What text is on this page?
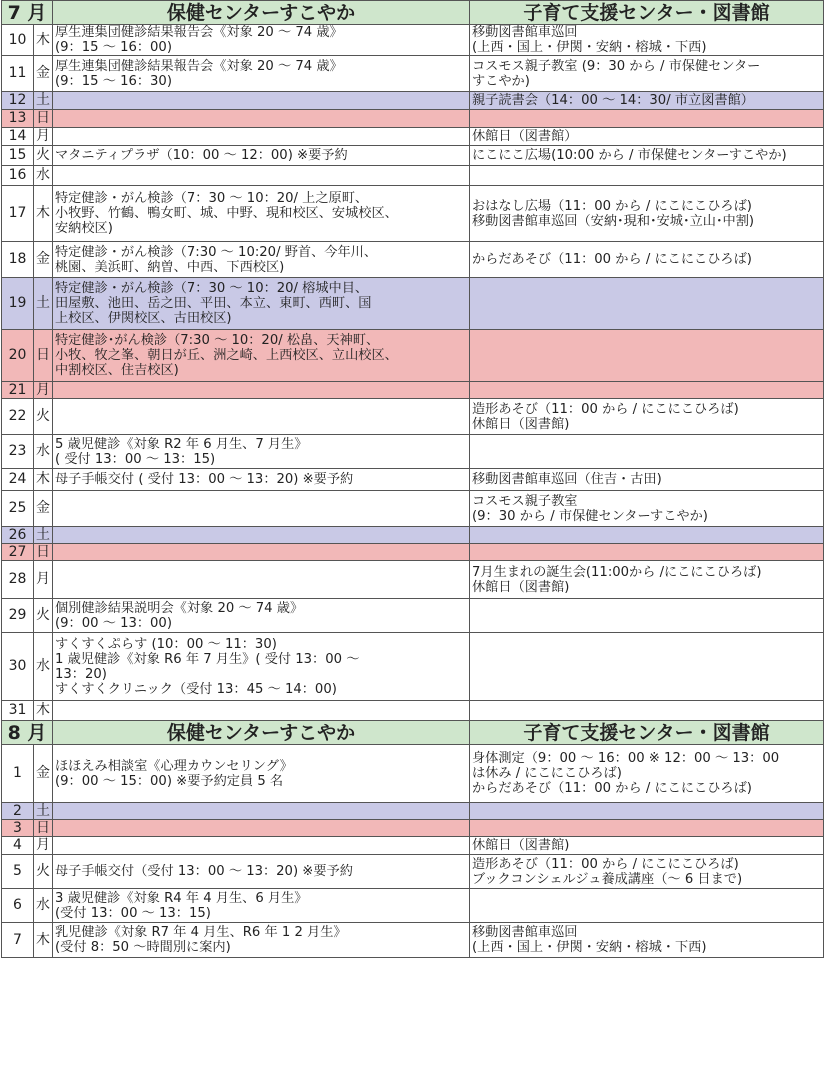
7 月		保健センターすこやか	子育て支援センター・図書館
10	木	厚生連集団健診結果報告会《対象 20 ～ 74 歳》
(9：15 ～ 16：00)	移動図書館車巡回
(上西・国上・伊関・安納・榕城・下西)
11	金	厚生連集団健診結果報告会《対象 20 ～ 74 歳》
(9：15 ～ 16：30)	コスモス親子教室 (9：30 から / 市保健センター
すこやか)
12	土		親子読書会（14：00 ～ 14：30/ 市立図書館）
13	日		
14	月		休館日（図書館）
15	火	マタニティプラザ（10：00 ～ 12：00) ※要予約	にこにこ広場(10:00 から / 市保健センターすこやか)
16	水		
17	木	特定健診・がん検診（7：30 ～ 10：20/ 上之原町、
小牧野、竹鶴、鴨女町、城、中野、現和校区、安城校区、
安納校区)	おはなし広場（11：00 から / にこにこひろば)
移動図書館車巡回（安納･現和･安城･立山･中割)
18	金	特定健診・がん検診（7:30 ～ 10:20/ 野首、今年川、
桃園、美浜町、納曽、中西、下西校区)	からだあそび（11：00 から / にこにこひろば)
19	土	特定健診・がん検診（7：30 ～ 10：20/ 榕城中目、
田屋敷、池田、岳之田、平田、本立、東町、西町、国
上校区、伊関校区、古田校区)	
20	日	特定健診･がん検診（7:30 ～ 10：20/ 松畠、天神町、
小牧、牧之峯、朝日が丘、洲之崎、上西校区、立山校区、
中割校区、住吉校区)	
21	月		
22	火		造形あそび（11：00 から / にこにこひろば)
休館日（図書館)
23	水	5 歳児健診《対象 R2 年 6 月生、7 月生》
( 受付 13：00 ～ 13：15)	
24	木	母子手帳交付 ( 受付 13：00 ～ 13：20) ※要予約	移動図書館車巡回（住吉・古田)
25	金		コスモス親子教室
(9：30 から / 市保健センターすこやか)
26	土		
27	日		
28	月		7月生まれの誕生会(11:00から /にこにこひろば)
休館日（図書館)
29	火	個別健診結果説明会《対象 20 ～ 74 歳》
(9：00 ～ 13：00)	
30	水	すくすくぷらす (10：00 ～ 11：30)
1 歳児健診《対象 R6 年 7 月生》( 受付 13：00 ～
13：20)
すくすくクリニック（受付 13：45 ～ 14：00)	
31	木		
8 月		保健センターすこやか	子育て支援センター・図書館
1	金	ほほえみ相談室《心理カウンセリング》
(9：00 ～ 15：00) ※要予約定員 5 名	身体測定（9：00 ～ 16：00 ※ 12：00 ～ 13：00
は休み / にこにこひろば)
からだあそび（11：00 から / にこにこひろば)
2	土		
3	日		
4	月		休館日（図書館)
5	火	母子手帳交付（受付 13：00 ～ 13：20) ※要予約	造形あそび（11：00 から / にこにこひろば)
ブックコンシェルジュ養成講座（～ 6 日まで)
6	水	3 歳児健診《対象 R4 年 4 月生、6 月生》
(受付 13：00 ～ 13：15)	
7	木	乳児健診《対象 R7 年 4 月生、R6 年 1 2 月生》
(受付 8：50 ～時間別に案内)	移動図書館車巡回
(上西・国上・伊関・安納・榕城・下西)
